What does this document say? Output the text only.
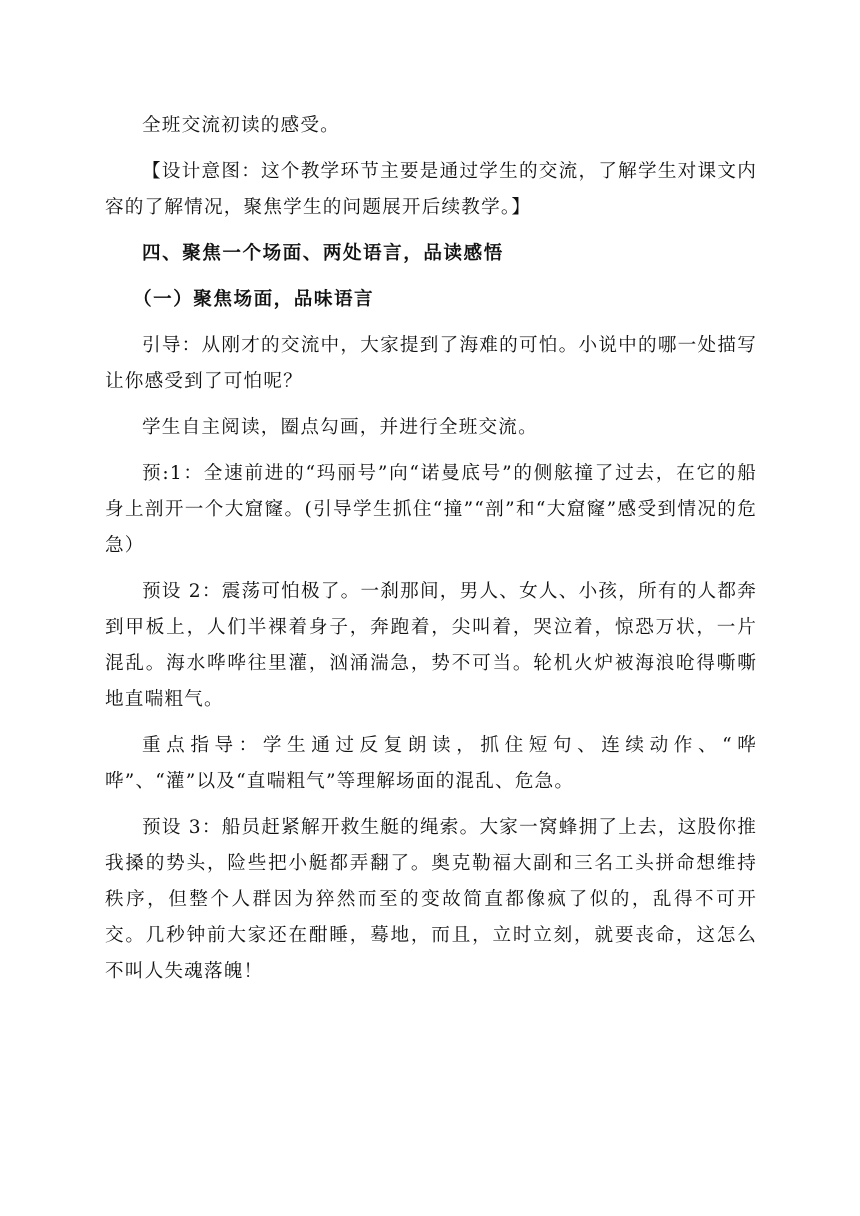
全班交流初读的感受。

【设计意图：这个教学环节主要是通过学生的交流，了解学生对课文内容的了解情况，聚焦学生的问题展开后续教学。】

四、聚焦一个场面、两处语言，品读感悟

（一）聚焦场面，品味语言

引导：从刚才的交流中，大家提到了海难的可怕。小说中的哪一处描写让你感受到了可怕呢？

学生自主阅读，圈点勾画，并进行全班交流。

预:1：全速前进的“玛丽号”向“诺曼底号”的侧舷撞了过去，在它的船身上剖开一个大窟窿。(引导学生抓住“撞”“剖”和“大窟窿”感受到情况的危急）

预设 2：震荡可怕极了。一刹那间，男人、女人、小孩，所有的人都奔到甲板上，人们半裸着身子，奔跑着，尖叫着，哭泣着，惊恐万状，一片混乱。海水哗哗往里灌，汹涌湍急，势不可当。轮机火炉被海浪呛得嘶嘶地直喘粗气。

重点指导：学生通过反复朗读，抓住短句、连续动作、“哗哗”、“灌”以及“直喘粗气”等理解场面的混乱、危急。

预设 3：船员赶紧解开救生艇的绳索。大家一窝蜂拥了上去，这股你推我搡的势头，险些把小艇都弄翻了。奥克勒福大副和三名工头拼命想维持秩序，但整个人群因为猝然而至的变故简直都像疯了似的，乱得不可开交。几秒钟前大家还在酣睡，蓦地，而且，立时立刻，就要丧命，这怎么不叫人失魂落魄！
